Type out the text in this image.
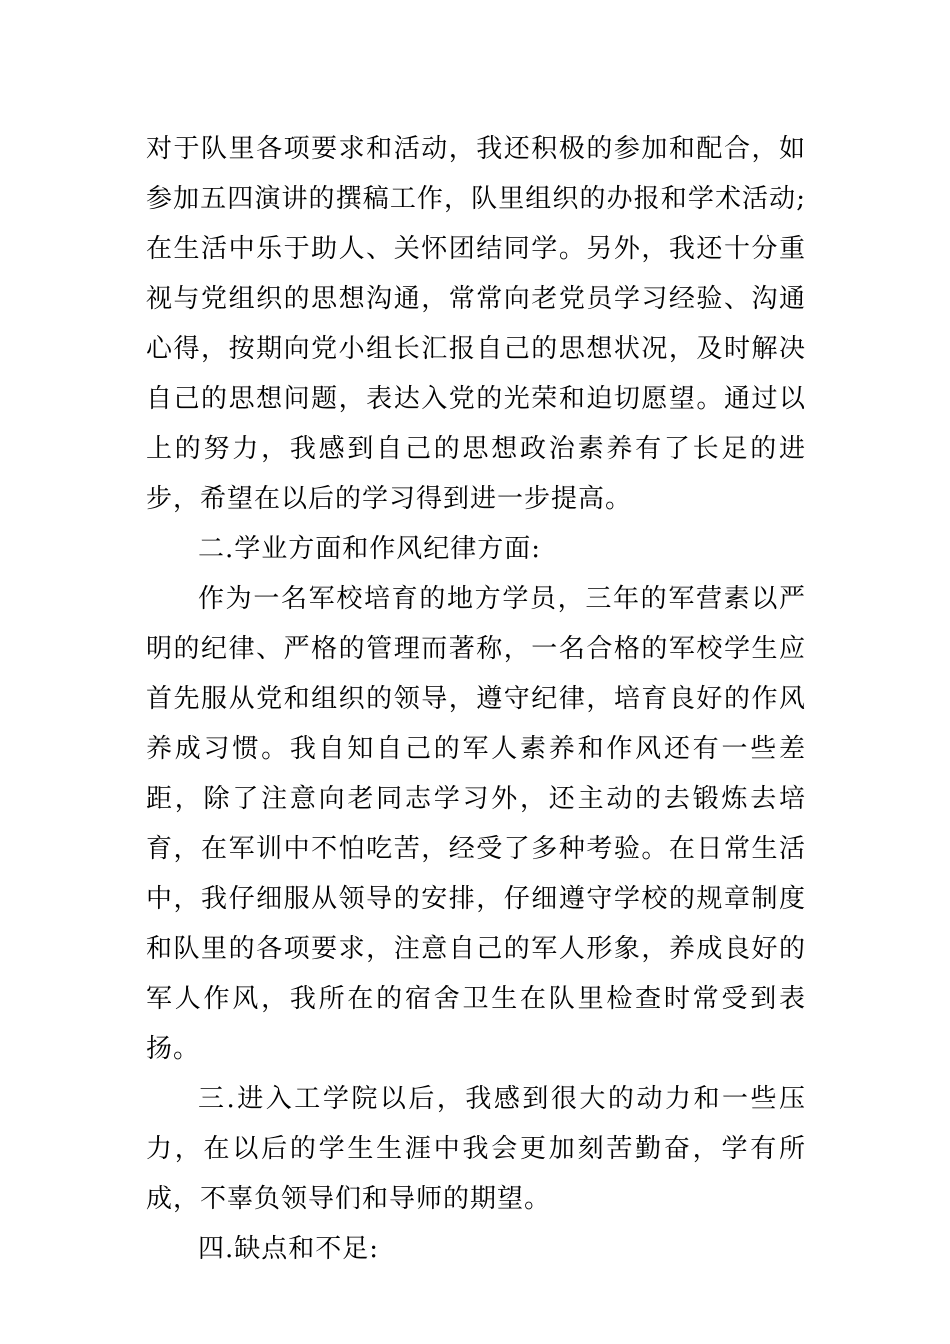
对于队里各项要求和活动，我还积极的参加和配合，如参加五四演讲的撰稿工作，队里组织的办报和学术活动;在生活中乐于助人、关怀团结同学。另外，我还十分重视与党组织的思想沟通，常常向老党员学习经验、沟通心得，按期向党小组长汇报自己的思想状况，及时解决自己的思想问题，表达入党的光荣和迫切愿望。通过以上的努力，我感到自己的思想政治素养有了长足的进步，希望在以后的学习得到进一步提高。

二.学业方面和作风纪律方面:

作为一名军校培育的地方学员，三年的军营素以严明的纪律、严格的管理而著称，一名合格的军校学生应首先服从党和组织的领导，遵守纪律，培育良好的作风养成习惯。我自知自己的军人素养和作风还有一些差距，除了注意向老同志学习外，还主动的去锻炼去培育，在军训中不怕吃苦，经受了多种考验。在日常生活中，我仔细服从领导的安排，仔细遵守学校的规章制度和队里的各项要求，注意自己的军人形象，养成良好的军人作风，我所在的宿舍卫生在队里检查时常受到表扬。

三.进入工学院以后，我感到很大的动力和一些压力，在以后的学生生涯中我会更加刻苦勤奋，学有所成，不辜负领导们和导师的期望。

四.缺点和不足:
